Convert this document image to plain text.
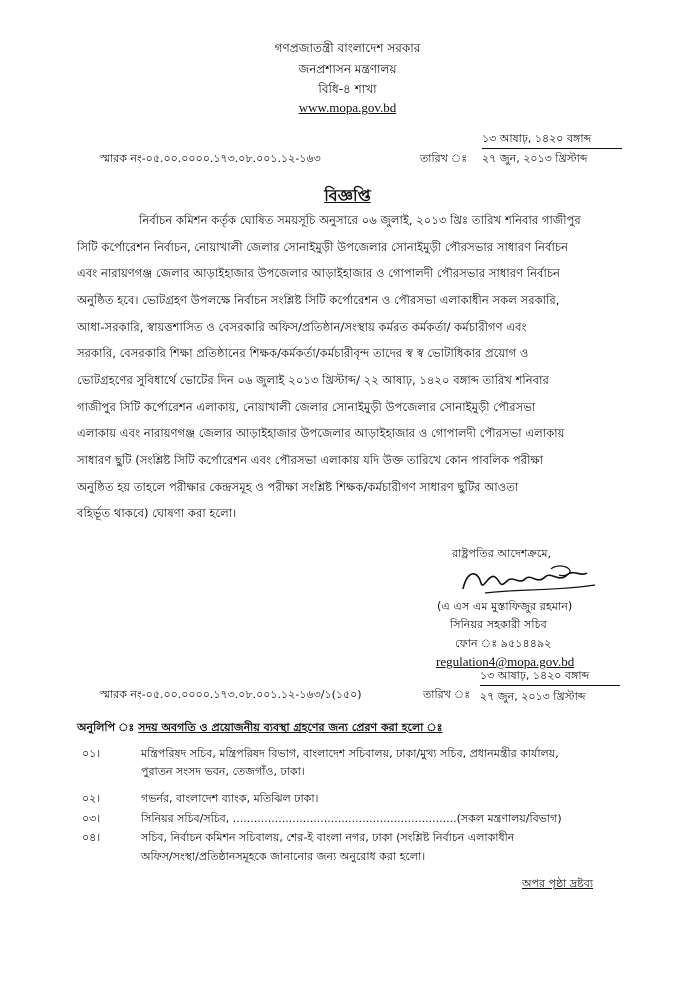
গণপ্রজাতন্ত্রী বাংলাদেশ সরকার
জনপ্রশাসন মন্ত্রণালয়
বিধি-৪ শাখা
www.mopa.gov.bd
স্মারক নং-০৫.০০.০০০০.১৭৩.০৮.০০১.১২-১৬৩	তারিখ ঃ
১৩ আষাঢ়, ১৪২০ বঙ্গাব্দ
২৭ জুন, ২০১৩ খ্রিস্টাব্দ
বিজ্ঞপ্তি
নির্বাচন কমিশন কর্তৃক ঘোষিত সময়সূচি অনুসারে ০৬ জুলাই, ২০১৩ খ্রিঃ তারিখ শনিবার গাজীপুর
সিটি কর্পোরেশন নির্বাচন, নোয়াখালী জেলার সোনাইমুড়ী উপজেলার সোনাইমুড়ী পৌরসভার সাধারণ নির্বাচন
এবং নারায়ণগঞ্জ জেলার আড়াইহাজার উপজেলার আড়াইহাজার ও গোপালদী পৌরসভার সাধারণ নির্বাচন
অনুষ্ঠিত হবে। ভোটগ্রহণ উপলক্ষে নির্বাচন সংশ্লিষ্ট সিটি কর্পোরেশন ও পৌরসভা এলাকাধীন সকল সরকারি,
আধা-সরকারি, স্বায়ত্তশাসিত ও বেসরকারি অফিস/প্রতিষ্ঠান/সংস্থায় কর্মরত কর্মকর্তা/ কর্মচারীগণ এবং
সরকারি, বেসরকারি শিক্ষা প্রতিষ্ঠানের শিক্ষক/কর্মকর্তা/কর্মচারীবৃন্দ তাদের স্ব স্ব ভোটাধিকার প্রয়োগ ও
ভোটগ্রহণের সুবিধার্থে ভোটের দিন ০৬ জুলাই ২০১৩ খ্রিস্টাব্দ/ ২২ আষাঢ়, ১৪২০ বঙ্গাব্দ তারিখ শনিবার
গাজীপুর সিটি কর্পোরেশন এলাকায়, নোয়াখালী জেলার সোনাইমুড়ী উপজেলার সোনাইমুড়ী পৌরসভা
এলাকায় এবং নারায়ণগঞ্জ জেলার আড়াইহাজার উপজেলার আড়াইহাজার ও গোপালদী পৌরসভা এলাকায়
সাধারণ ছুটি (সংশ্লিষ্ট সিটি কর্পোরেশন এবং পৌরসভা এলাকায় যদি উক্ত তারিখে কোন পাবলিক পরীক্ষা
অনুষ্ঠিত হয় তাহলে পরীক্ষার কেন্দ্রসমূহ ও পরীক্ষা সংশ্লিষ্ট শিক্ষক/কর্মচারীগণ সাধারণ ছুটির আওতা
বহির্ভূত থাকবে) ঘোষণা করা হলো।
রাষ্ট্রপতির আদেশক্রমে,
(এ এস এম মুস্তাফিজুর রহমান)
সিনিয়র সহকারী সচিব
ফোন ঃ ৯৫১৪৪৯২
regulation4@mopa.gov.bd
স্মারক নং-০৫.০০.০০০০.১৭৩.০৮.০০১.১২-১৬৩/১(১৫০)	তারিখ ঃ
১৩ আষাঢ়, ১৪২০ বঙ্গাব্দ
২৭ জুন, ২০১৩ খ্রিস্টাব্দ
অনুলিপি ঃ সদয় অবগতি ও প্রয়োজনীয় ব্যবস্থা গ্রহণের জন্য প্রেরণ করা হলো ঃ
০১।	মন্ত্রিপরিষদ সচিব, মন্ত্রিপরিষদ বিভাগ, বাংলাদেশ সচিবালয়, ঢাকা/মুখ্য সচিব, প্রধানমন্ত্রীর কার্যালয়,
পুরাতন সংসদ ভবন, তেজগাঁও, ঢাকা।
০২।	গভর্নর, বাংলাদেশ ব্যাংক, মতিঝিল ঢাকা।
০৩।	সিনিয়র সচিব/সচিব, ................................................................(সকল মন্ত্রণালয়/বিভাগ)
০৪।	সচিব, নির্বাচন কমিশন সচিবালয়, শের-ই বাংলা নগর, ঢাকা (সংশ্লিষ্ট নির্বাচন এলাকাধীন
অফিস/সংস্থা/প্রতিষ্ঠানসমূহকে জানানোর জন্য অনুরোধ করা হলো।
অপর পৃষ্ঠা দ্রষ্টব্য
